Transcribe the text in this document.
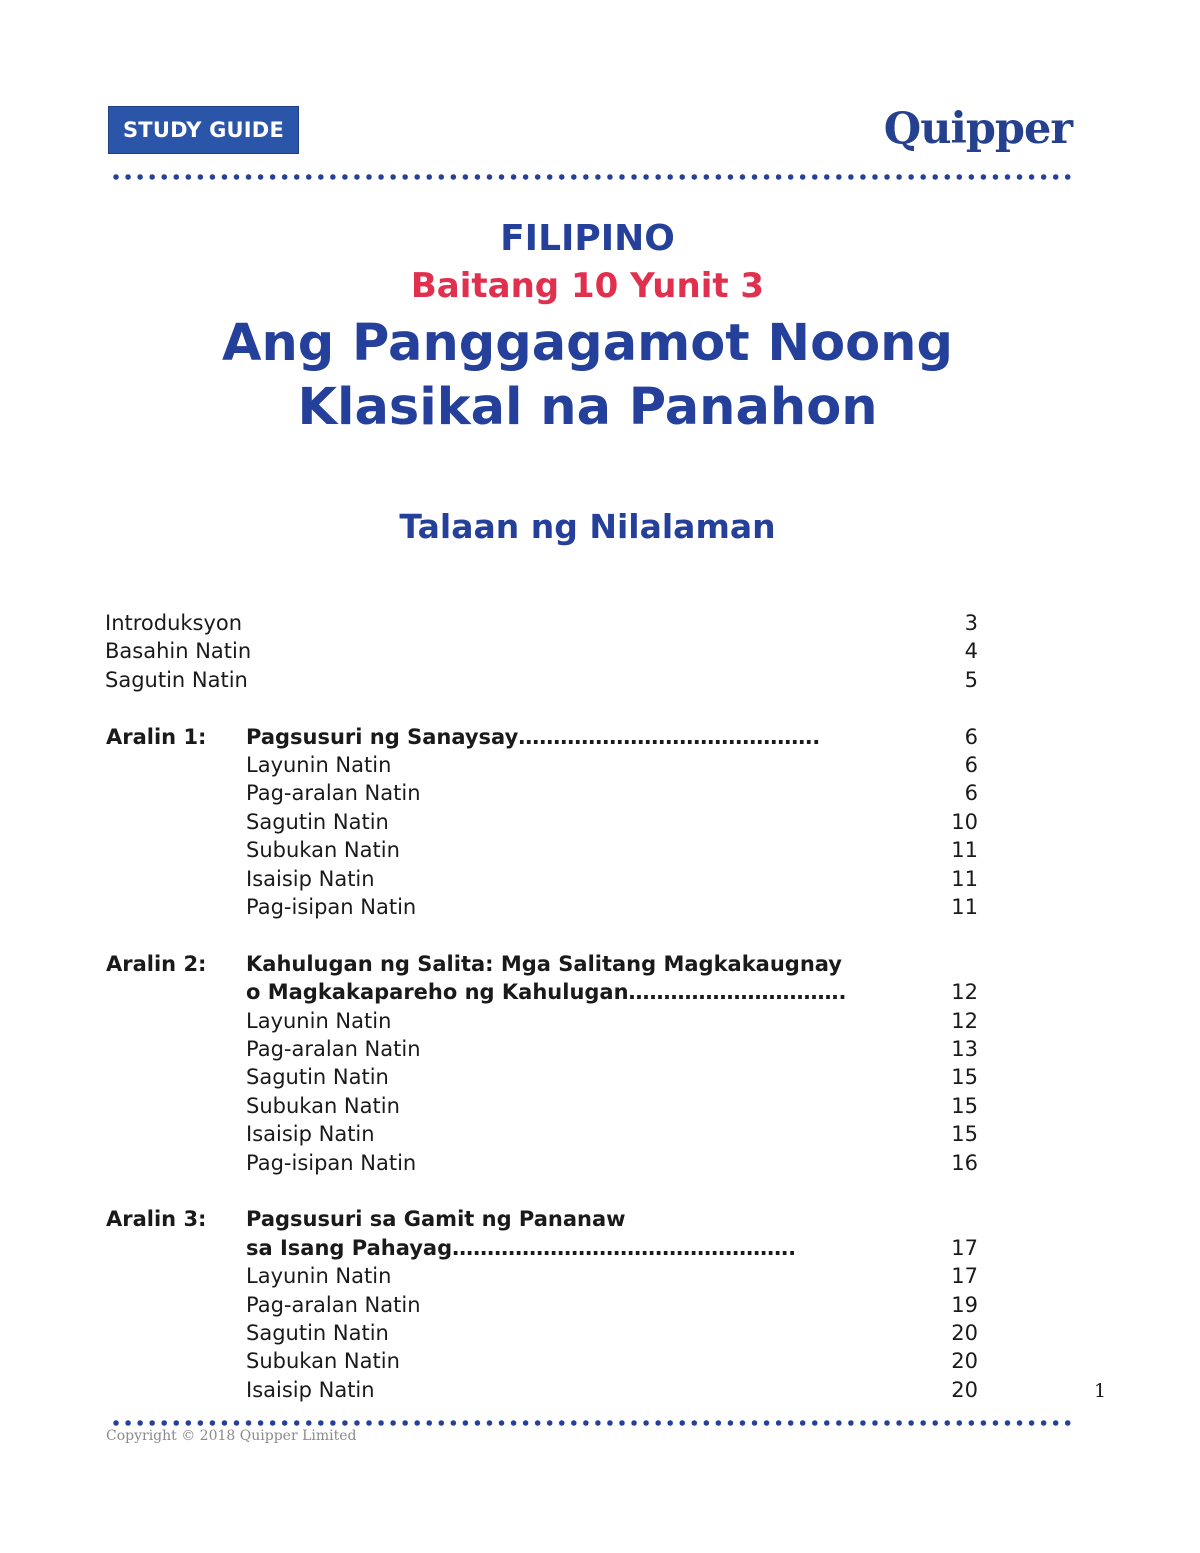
STUDY GUIDE	Quipper
FILIPINO
Baitang 10 Yunit 3
Ang Panggagamot Noong
Klasikal na Panahon
Talaan ng Nilalaman
Introduksyon	3
Basahin Natin	4
Sagutin Natin	5
Aralin 1: Pagsusuri ng Sanaysay…………………………………….	6
Layunin Natin	6
Pag-aralan Natin	6
Sagutin Natin	10
Subukan Natin	11
Isaisip Natin	11
Pag-isipan Natin	11
Aralin 2: Kahulugan ng Salita: Mga Salitang Magkakaugnay
o Magkakapareho ng Kahulugan………………………….	12
Layunin Natin	12
Pag-aralan Natin	13
Sagutin Natin	15
Subukan Natin	15
Isaisip Natin	15
Pag-isipan Natin	16
Aralin 3: Pagsusuri sa Gamit ng Pananaw
sa Isang Pahayag………………………………………….	17
Layunin Natin	17
Pag-aralan Natin	19
Sagutin Natin	20
Subukan Natin	20
Isaisip Natin	20	1
Copyright © 2018 Quipper Limited
